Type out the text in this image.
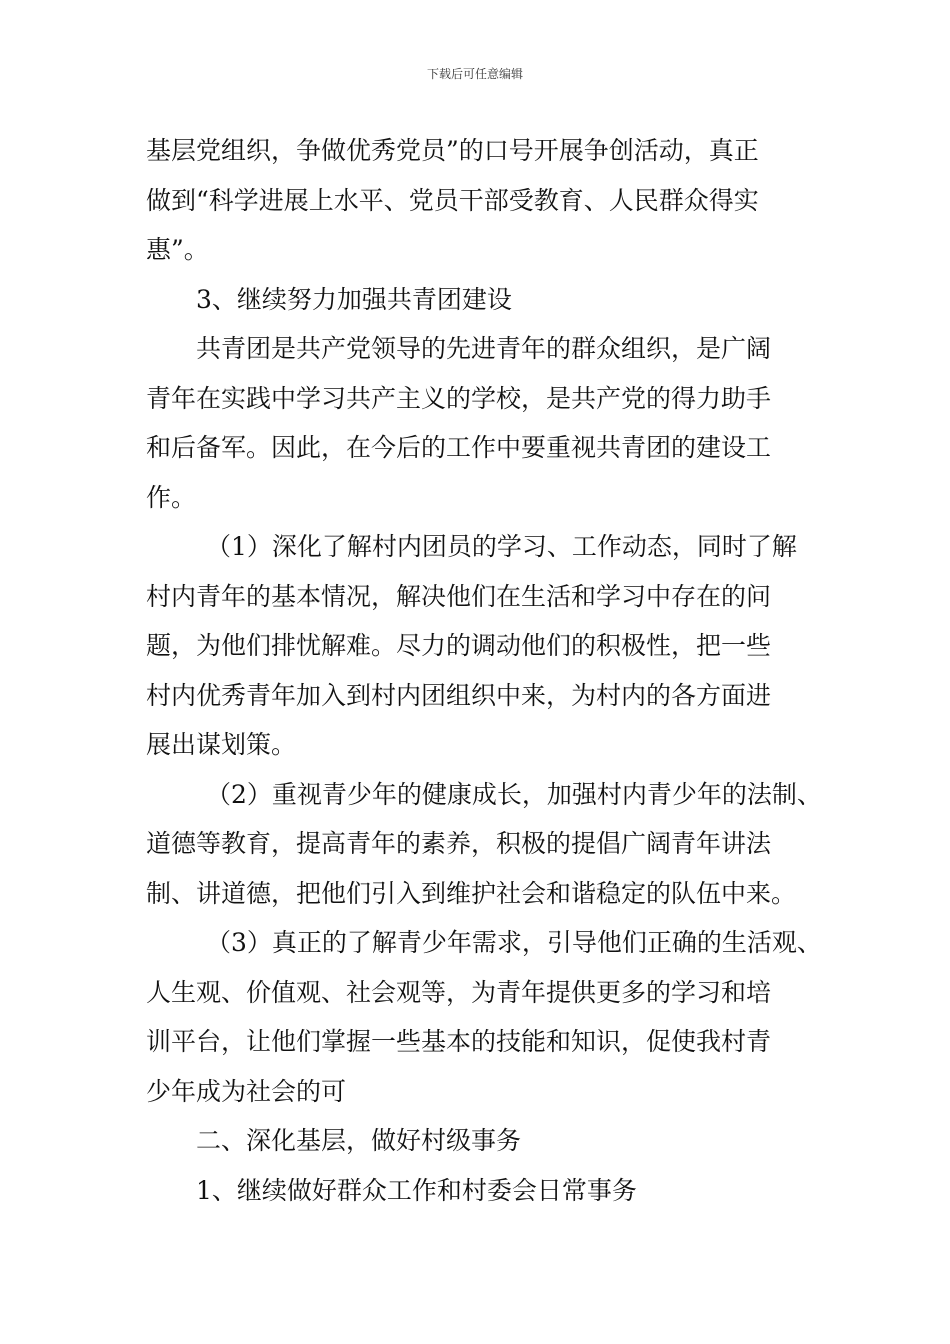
下载后可任意编辑
基层党组织，争做优秀党员”的口号开展争创活动，真正
做到“科学进展上水平、党员干部受教育、人民群众得实
惠”。
3、继续努力加强共青团建设
共青团是共产党领导的先进青年的群众组织，是广阔
青年在实践中学习共产主义的学校，是共产党的得力助手
和后备军。因此，在今后的工作中要重视共青团的建设工
作。
（1）深化了解村内团员的学习、工作动态，同时了解
村内青年的基本情况，解决他们在生活和学习中存在的问
题，为他们排忧解难。尽力的调动他们的积极性，把一些
村内优秀青年加入到村内团组织中来，为村内的各方面进
展出谋划策。
（2）重视青少年的健康成长，加强村内青少年的法制、
道德等教育，提高青年的素养，积极的提倡广阔青年讲法
制、讲道德，把他们引入到维护社会和谐稳定的队伍中来。
（3）真正的了解青少年需求，引导他们正确的生活观、
人生观、价值观、社会观等，为青年提供更多的学习和培
训平台，让他们掌握一些基本的技能和知识，促使我村青
少年成为社会的可
二、深化基层，做好村级事务
1、继续做好群众工作和村委会日常事务
